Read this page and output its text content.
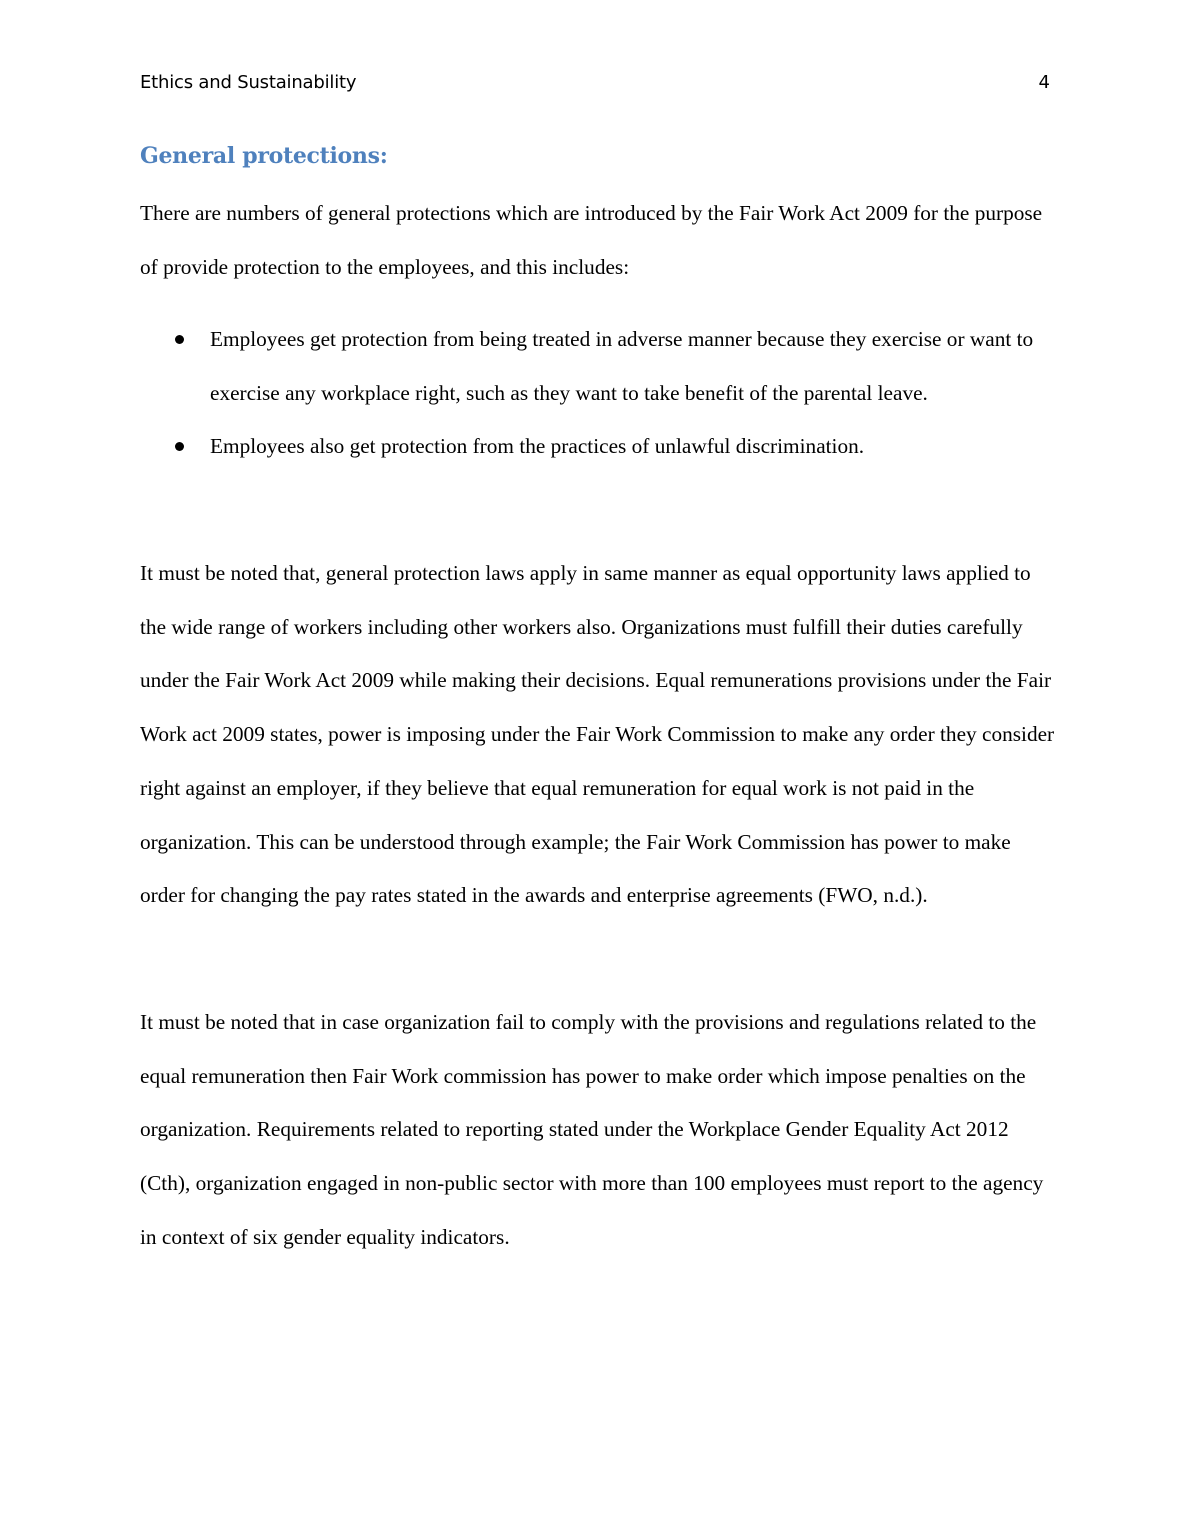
Ethics and Sustainability	4
General protections:

There are numbers of general protections which are introduced by the Fair Work Act 2009 for the purpose of provide protection to the employees, and this includes:

Employees get protection from being treated in adverse manner because they exercise or want to exercise any workplace right, such as they want to take benefit of the parental leave.
Employees also get protection from the practices of unlawful discrimination.

It must be noted that, general protection laws apply in same manner as equal opportunity laws applied to the wide range of workers including other workers also. Organizations must fulfill their duties carefully under the Fair Work Act 2009 while making their decisions. Equal remunerations provisions under the Fair Work act 2009 states, power is imposing under the Fair Work Commission to make any order they consider right against an employer, if they believe that equal remuneration for equal work is not paid in the organization. This can be understood through example; the Fair Work Commission has power to make order for changing the pay rates stated in the awards and enterprise agreements (FWO, n.d.).

It must be noted that in case organization fail to comply with the provisions and regulations related to the equal remuneration then Fair Work commission has power to make order which impose penalties on the organization. Requirements related to reporting stated under the Workplace Gender Equality Act 2012 (Cth), organization engaged in non-public sector with more than 100 employees must report to the agency in context of six gender equality indicators.
